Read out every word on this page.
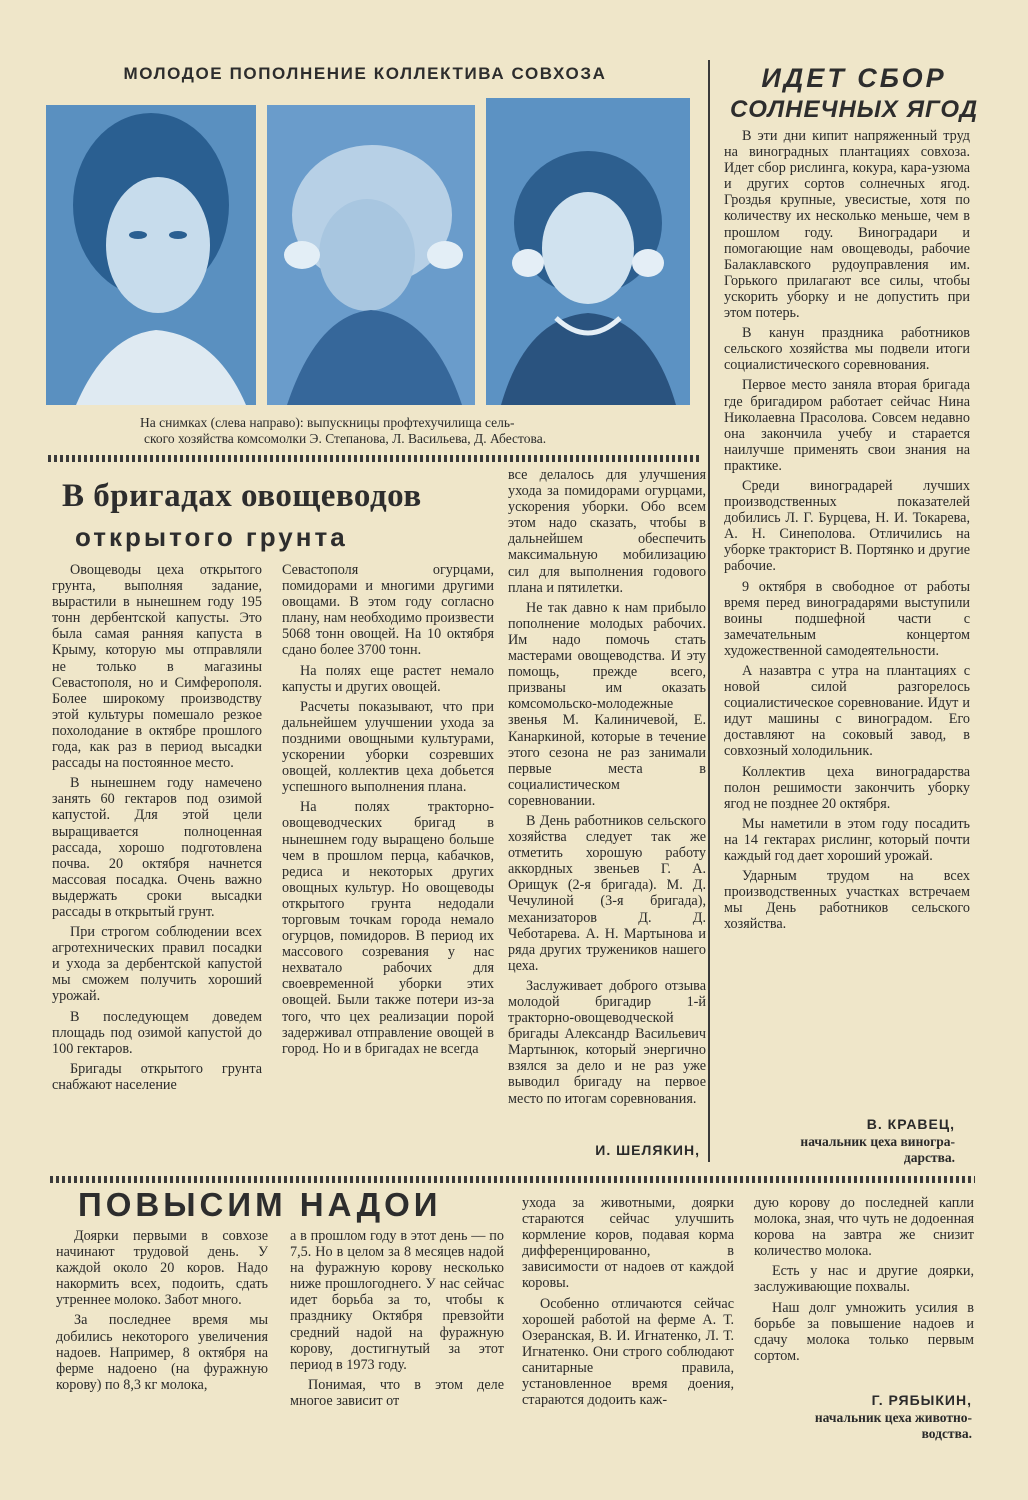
МОЛОДОЕ ПОПОЛНЕНИЕ КОЛЛЕКТИВА СОВХОЗА
На снимках (слева направо): выпускницы профтехучилища сель-
ского хозяйства комсомолки Э. Степанова, Л. Васильева, Д. Абестова.
ИДЕТ СБОР
СОЛНЕЧНЫХ ЯГОД

В эти дни кипит напряженный труд на виноградных плантациях совхоза. Идет сбор рислинга, кокура, кара-узюма и других сортов солнечных ягод. Гроздья крупные, увесистые, хотя по количеству их несколько меньше, чем в прошлом году. Виноградари и помогающие нам овощеводы, рабочие Балаклавского рудоуправления им. Горького прилагают все силы, чтобы ускорить уборку и не допустить при этом потерь.

В канун праздника работников сельского хозяйства мы подвели итоги социалистического соревнования.

Первое место заняла вторая бригада где бригадиром работает сейчас Нина Николаевна Прасолова. Совсем недавно она закончила учебу и старается наилучше применять свои знания на практике.

Среди виноградарей лучших производственных показателей добились Л. Г. Бурцева, Н. И. Токарева, А. Н. Синеполова. Отличились на уборке тракторист В. Портянко и другие рабочие.

9 октября в свободное от работы время перед виноградарями выступили воины подшефной части с замечательным концертом художественной самодеятельности.

А назавтра с утра на плантациях с новой силой разгорелось социалистическое соревнование. Идут и идут машины с виноградом. Его доставляют на соковый завод, в совхозный холодильник.

Коллектив цеха виноградарства полон решимости закончить уборку ягод не позднее 20 октября.

Мы наметили в этом году посадить на 14 гектарах рислинг, который почти каждый год дает хороший урожай.

Ударным трудом на всех производственных участках встречаем мы День работников сельского хозяйства.

В. КРАВЕЦ,
начальник цеха виногра-
дарства.
В бригадах овощеводов
открытого грунта

Овощеводы цеха открытого грунта, выполняя задание, вырастили в нынешнем году 195 тонн дербентской капусты. Это была самая ранняя капуста в Крыму, которую мы отправляли не только в магазины Севастополя, но и Симферополя. Более широкому производству этой культуры помешало резкое похолодание в октябре прошлого года, как раз в период высадки рассады на постоянное место.

В нынешнем году намечено занять 60 гектаров под озимой капустой. Для этой цели выращивается полноценная рассада, хорошо подготовлена почва. 20 октября начнется массовая посадка. Очень важно выдержать сроки высадки рассады в открытый грунт.

При строгом соблюдении всех агротехнических правил посадки и ухода за дербентской капустой мы сможем получить хороший урожай.

В последующем доведем площадь под озимой капустой до 100 гектаров.

Бригады открытого грунта снабжают население

Севастополя огурцами, помидорами и многими другими овощами. В этом году согласно плану, нам необходимо произвести 5068 тонн овощей. На 10 октября сдано более 3700 тонн.

На полях еще растет немало капусты и других овощей.

Расчеты показывают, что при дальнейшем улучшении ухода за поздними овощными культурами, ускорении уборки созревших овощей, коллектив цеха добьется успешного выполнения плана.

На полях тракторно-овощеводческих бригад в нынешнем году выращено больше чем в прошлом перца, кабачков, редиса и некоторых других овощных культур. Но овощеводы открытого грунта недодали торговым точкам города немало огурцов, помидоров. В период их массового созревания у нас нехватало рабочих для своевременной уборки этих овощей. Были также потери из-за того, что цех реализации порой задерживал отправление овощей в город. Но и в бригадах не всегда

все делалось для улучшения ухода за помидорами огурцами, ускорения уборки. Обо всем этом надо сказать, чтобы в дальнейшем обеспечить максимальную мобилизацию сил для выполнения годового плана и пятилетки.

Не так давно к нам прибыло пополнение молодых рабочих. Им надо помочь стать мастерами овощеводства. И эту помощь, прежде всего, призваны им оказать комсомольско-молодежные звенья М. Калиничевой, Е. Канаркиной, которые в течение этого сезона не раз занимали первые места в социалистическом соревновании.

В День работников сельского хозяйства следует так же отметить хорошую работу аккордных звеньев Г. А. Орищук (2-я бригада). М. Д. Чечулиной (3-я бригада), механизаторов Д. Д. Чеботарева. А. Н. Мартынова и ряда других тружеников нашего цеха.

Заслуживает доброго отзыва молодой бригадир 1-й тракторно-овощеводческой бригады Александр Васильевич Мартынюк, который энергично взялся за дело и не раз уже выводил бригаду на первое место по итогам соревнования.

И. ШЕЛЯКИН,
ПОВЫСИМ НАДОИ

Доярки первыми в совхозе начинают трудовой день. У каждой около 20 коров. Надо накормить всех, подоить, сдать утреннее молоко. Забот много.

За последнее время мы добились некоторого увеличения надоев. Например, 8 октября на ферме надоено (на фуражную корову) по 8,3 кг молока,

а в прошлом году в этот день — по 7,5. Но в целом за 8 месяцев надой на фуражную корову несколько ниже прошлогоднего. У нас сейчас идет борьба за то, чтобы к празднику Октября превзойти средний надой на фуражную корову, достигнутый за этот период в 1973 году.

Понимая, что в этом деле многое зависит от

ухода за животными, доярки стараются сейчас улучшить кормление коров, подавая корма дифференцированно, в зависимости от надоев от каждой коровы.

Особенно отличаются сейчас хорошей работой на ферме А. Т. Озеранская, В. И. Игнатенко, Л. Т. Игнатенко. Они строго соблюдают санитарные правила, установленное время доения, стараются додоить каж-

дую корову до последней капли молока, зная, что чуть не додоенная корова на завтра же снизит количество молока.

Есть у нас и другие доярки, заслуживающие похвалы.

Наш долг умножить усилия в борьбе за повышение надоев и сдачу молока только первым сортом.

Г. РЯБЫКИН,
начальник цеха животно-
водства.
